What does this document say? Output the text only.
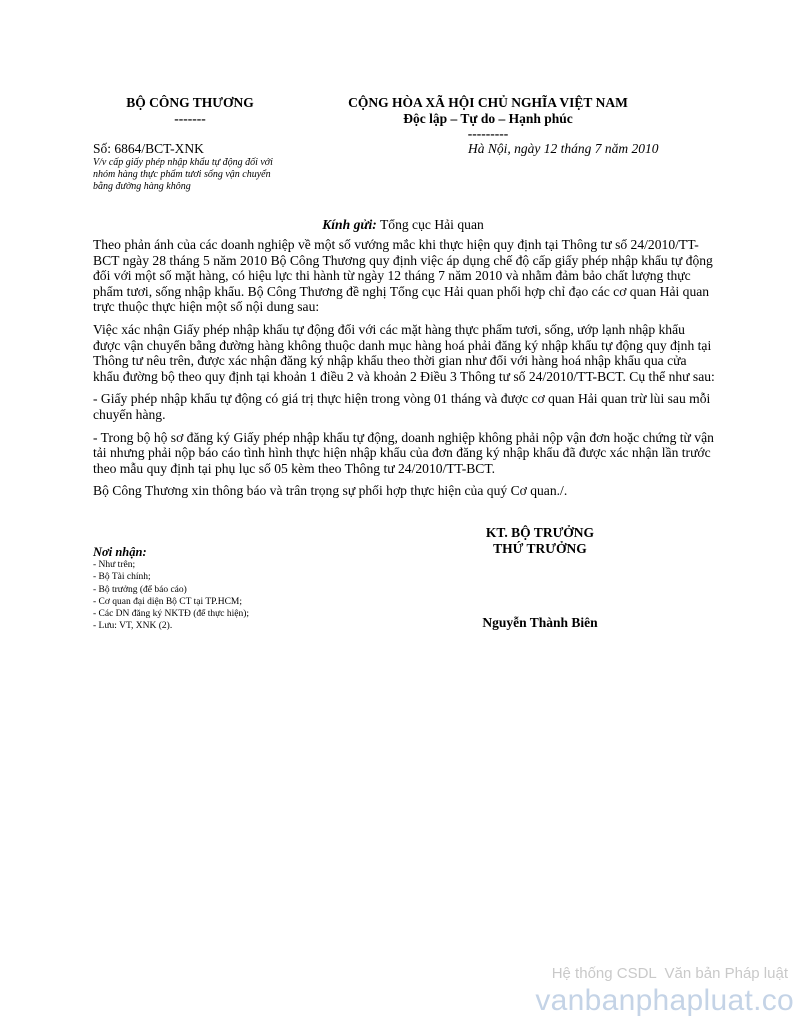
BỘ CÔNG THƯƠNG
-------
CỘNG HÒA XÃ HỘI CHỦ NGHĨA VIỆT NAM
Độc lập – Tự do – Hạnh phúc
---------
Số: 6864/BCT-XNK
V/v cấp giấy phép nhập khẩu tự động đối với nhóm hàng thực phẩm tươi sống vận chuyển bằng đường hàng không
Hà Nội, ngày 12 tháng 7 năm 2010
Kính gửi: Tổng cục Hải quan

Theo phản ánh của các doanh nghiệp về một số vướng mắc khi thực hiện quy định tại Thông tư số 24/2010/TT-BCT ngày 28 tháng 5 năm 2010 Bộ Công Thương quy định việc áp dụng chế độ cấp giấy phép nhập khẩu tự động đối với một số mặt hàng, có hiệu lực thi hành từ ngày 12 tháng 7 năm 2010 và nhằm đảm bảo chất lượng thực phẩm tươi, sống nhập khẩu. Bộ Công Thương đề nghị Tổng cục Hải quan phối hợp chỉ đạo các cơ quan Hải quan trực thuộc thực hiện một số nội dung sau:

Việc xác nhận Giấy phép nhập khẩu tự động đối với các mặt hàng thực phẩm tươi, sống, ướp lạnh nhập khẩu được vận chuyển bằng đường hàng không thuộc danh mục hàng hoá phải đăng ký nhập khẩu tự động quy định tại Thông tư nêu trên, được xác nhận đăng ký nhập khẩu theo thời gian như đối với hàng hoá nhập khẩu qua cửa khẩu đường bộ theo quy định tại khoản 1 điều 2 và khoản 2 Điều 3 Thông tư số 24/2010/TT-BCT. Cụ thể như sau:

- Giấy phép nhập khẩu tự động có giá trị thực hiện trong vòng 01 tháng và được cơ quan Hải quan trừ lùi sau mỗi chuyến hàng.

- Trong bộ hộ sơ đăng ký Giấy phép nhập khẩu tự động, doanh nghiệp không phải nộp vận đơn hoặc chứng từ vận tải nhưng phải nộp báo cáo tình hình thực hiện nhập khẩu của đơn đăng ký nhập khẩu đã được xác nhận lần trước theo mẫu quy định tại phụ lục số 05 kèm theo Thông tư 24/2010/TT-BCT.

Bộ Công Thương xin thông báo và trân trọng sự phối hợp thực hiện của quý Cơ quan./.

Nơi nhận:
- Như trên;
- Bộ Tài chính;
- Bộ trưởng (để báo cáo)
- Cơ quan đại diện Bộ CT tại TP.HCM;
- Các DN đăng ký NKTĐ (để thực hiện);
- Lưu: VT, XNK (2).
KT. BỘ TRƯỞNG
THỨ TRƯỞNG
Nguyễn Thành Biên
Hệ thống CSDL  Văn bản Pháp luật
vanbanphapluat.co
